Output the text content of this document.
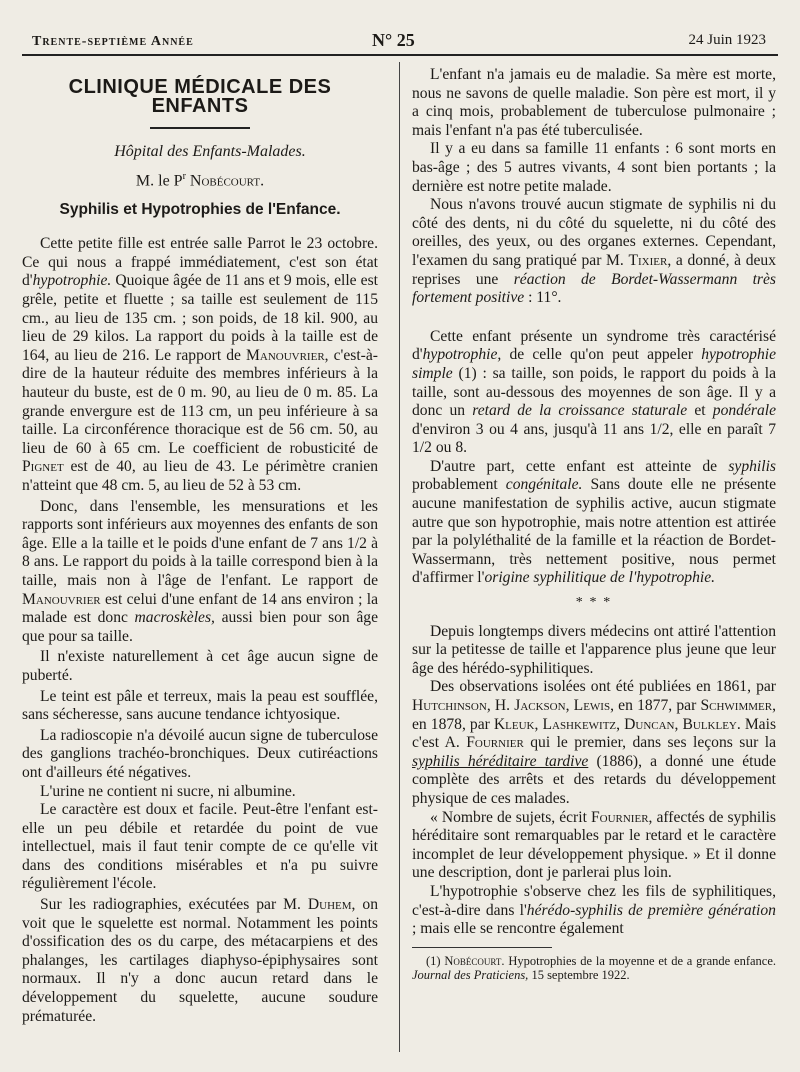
Trente-septième Année	N° 25	24 Juin 1923
CLINIQUE MÉDICALE DES ENFANTS
Hôpital des Enfants-Malades.
M. le $P^r$ Nobécourt.
Syphilis et Hypotrophies de l'Enfance.

Cette petite fille est entrée salle Parrot le 23 octobre. Ce qui nous a frappé immédiatement, c'est son état d'hypotrophie. Quoique âgée de 11 ans et 9 mois, elle est grêle, petite et fluette ; sa taille est seulement de 115 cm., au lieu de 135 cm. ; son poids, de 18 kil. 900, au lieu de 29 kilos. La rapport du poids à la taille est de 164, au lieu de 216. Le rapport de Manouvrier, c'est-à-dire de la hauteur réduite des membres inférieurs à la hauteur du buste, est de 0 m. 90, au lieu de 0 m. 85. La grande envergure est de 113 cm, un peu inférieure à sa taille. La circonférence thoracique est de 56 cm. 50, au lieu de 60 à 65 cm. Le coefficient de robusticité de Pignet est de 40, au lieu de 43. Le périmètre cranien n'atteint que 48 cm. 5, au lieu de 52 à 53 cm.

Donc, dans l'ensemble, les mensurations et les rapports sont inférieurs aux moyennes des enfants de son âge. Elle a la taille et le poids d'une enfant de 7 ans 1/2 à 8 ans. Le rapport du poids à la taille correspond bien à la taille, mais non à l'âge de l'enfant. Le rapport de Manouvrier est celui d'une enfant de 14 ans environ ; la malade est donc macroskèles, aussi bien pour son âge que pour sa taille.

Il n'existe naturellement à cet âge aucun signe de puberté.

Le teint est pâle et terreux, mais la peau est soufflée, sans sécheresse, sans aucune tendance ichtyosique.

La radioscopie n'a dévoilé aucun signe de tuberculose des ganglions trachéo-bronchiques. Deux cutiréactions ont d'ailleurs été négatives.

L'urine ne contient ni sucre, ni albumine.

Le caractère est doux et facile. Peut-être l'enfant est-elle un peu débile et retardée du point de vue intellectuel, mais il faut tenir compte de ce qu'elle vit dans des conditions misérables et n'a pu suivre régulièrement l'école.

Sur les radiographies, exécutées par M. Duhem, on voit que le squelette est normal. Notamment les points d'ossification des os du carpe, des métacarpiens et des phalanges, les cartilages diaphyso-épiphysaires sont normaux. Il n'y a donc aucun retard dans le développement du squelette, aucune soudure prématurée.

L'enfant n'a jamais eu de maladie. Sa mère est morte, nous ne savons de quelle maladie. Son père est mort, il y a cinq mois, probablement de tuberculose pulmonaire ; mais l'enfant n'a pas été tuberculisée.

Il y a eu dans sa famille 11 enfants : 6 sont morts en bas-âge ; des 5 autres vivants, 4 sont bien portants ; la dernière est notre petite malade.

Nous n'avons trouvé aucun stigmate de syphilis ni du côté des dents, ni du côté du squelette, ni du côté des oreilles, des yeux, ou des organes externes. Cependant, l'examen du sang pratiqué par M. Tixier, a donné, à deux reprises une réaction de Bordet-Wassermann très fortement positive : 11°.

Cette enfant présente un syndrome très caractérisé d'hypotrophie, de celle qu'on peut appeler hypotrophie simple (1) : sa taille, son poids, le rapport du poids à la taille, sont au-dessous des moyennes de son âge. Il y a donc un retard de la croissance staturale et pondérale d'environ 3 ou 4 ans, jusqu'à 11 ans 1/2, elle en paraît 7 1/2 ou 8.

D'autre part, cette enfant est atteinte de syphilis probablement congénitale. Sans doute elle ne présente aucune manifestation de syphilis active, aucun stigmate autre que son hypotrophie, mais notre attention est attirée par la polyléthalité de la famille et la réaction de Bordet-Wassermann, très nettement positive, nous permet d'affirmer l'origine syphilitique de l'hypotrophie.

* * *

Depuis longtemps divers médecins ont attiré l'attention sur la petitesse de taille et l'apparence plus jeune que leur âge des hérédo-syphilitiques.

Des observations isolées ont été publiées en 1861, par Hutchinson, H. Jackson, Lewis, en 1877, par Schwimmer, en 1878, par Kleuk, Lashkewitz, Duncan, Bulkley. Mais c'est A. Fournier qui le premier, dans ses leçons sur la syphilis héréditaire tardive (1886), a donné une étude complète des arrêts et des retards du développement physique de ces malades.

« Nombre de sujets, écrit Fournier, affectés de syphilis héréditaire sont remarquables par le retard et le caractère incomplet de leur développement physique. » Et il donne une description, dont je parlerai plus loin.

L'hypotrophie s'observe chez les fils de syphilitiques, c'est-à-dire dans l'hérédo-syphilis de première génération ; mais elle se rencontre également

(1) Nobécourt. Hypotrophies de la moyenne et de a grande enfance. Journal des Praticiens, 15 septembre 1922.
